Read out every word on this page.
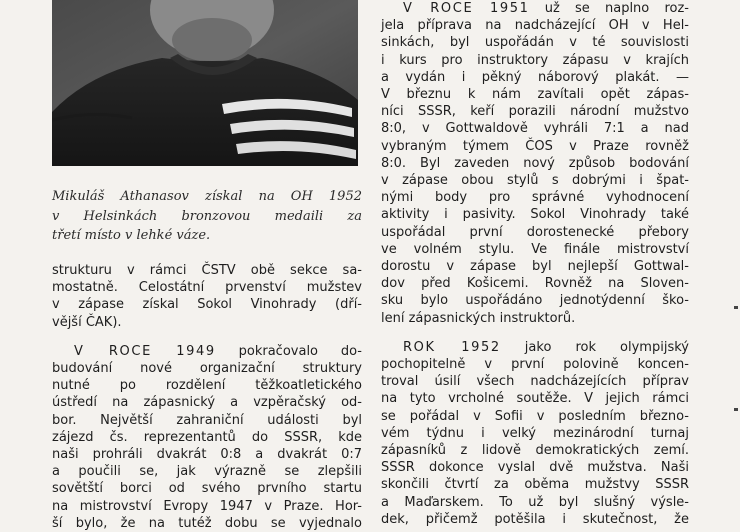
Mikuláš Athanasov získal na OH 1952
v Helsinkách bronzovou medaili za
třetí místo v lehké váze.

strukturu v rámci ČSTV obě sekce sa-
mostatně. Celostátní prvenství mužstev
v zápase získal Sokol Vinohrady (dří-
vější ČAK).

V ROCE 1949 pokračovalo do-
budování nové organizační struktury
nutné po rozdělení těžkoatletického
ústředí na zápasnický a vzpěračský od-
bor. Největší zahraniční události byl
zájezd čs. reprezentantů do SSSR, kde
naši prohráli dvakrát 0:8 a dvakrát 0:7
a poučili se, jak výrazně se zlepšili
sovětští borci od svého prvního startu
na mistrovství Evropy 1947 v Praze. Hor-
ší bylo, že na tutéž dobu se vyjednalo

V ROCE 1951 už se naplno roz-
jela příprava na nadcházející OH v Hel-
sinkách, byl uspořádán v té souvislosti
i kurs pro instruktory zápasu v krajích
a vydán i pěkný náborový plakát. —
V březnu k nám zavítali opět zápas-
níci SSSR, keří porazili národní mužstvo
8:0, v Gottwaldově vyhráli 7:1 a nad
vybraným týmem ČOS v Praze rovněž
8:0. Byl zaveden nový způsob bodování
v zápase obou stylů s dobrými i špat-
nými body pro správné vyhodnocení
aktivity i pasivity. Sokol Vinohrady také
uspořádal první dorostenecké přebory
ve volném stylu. Ve finále mistrovství
dorostu v zápase byl nejlepší Gottwal-
dov před Košicemi. Rovněž na Sloven-
sku bylo uspořádáno jednotýdenní ško-
lení zápasnických instruktorů.

ROK 1952 jako rok olympijský
pochopitelně v první polovině koncen-
troval úsilí všech nadcházejících příprav
na tyto vrcholné soutěže. V jejich rámci
se pořádal v Sofii v posledním březno-
vém týdnu i velký mezinárodní turnaj
zápasníků z lidově demokratických zemí.
SSSR dokonce vyslal dvě mužstva. Naši
skončili čtvrtí za oběma mužstvy SSSR
a Maďarskem. To už byl slušný výsle-
dek, přičemž potěšila i skutečnost, že
